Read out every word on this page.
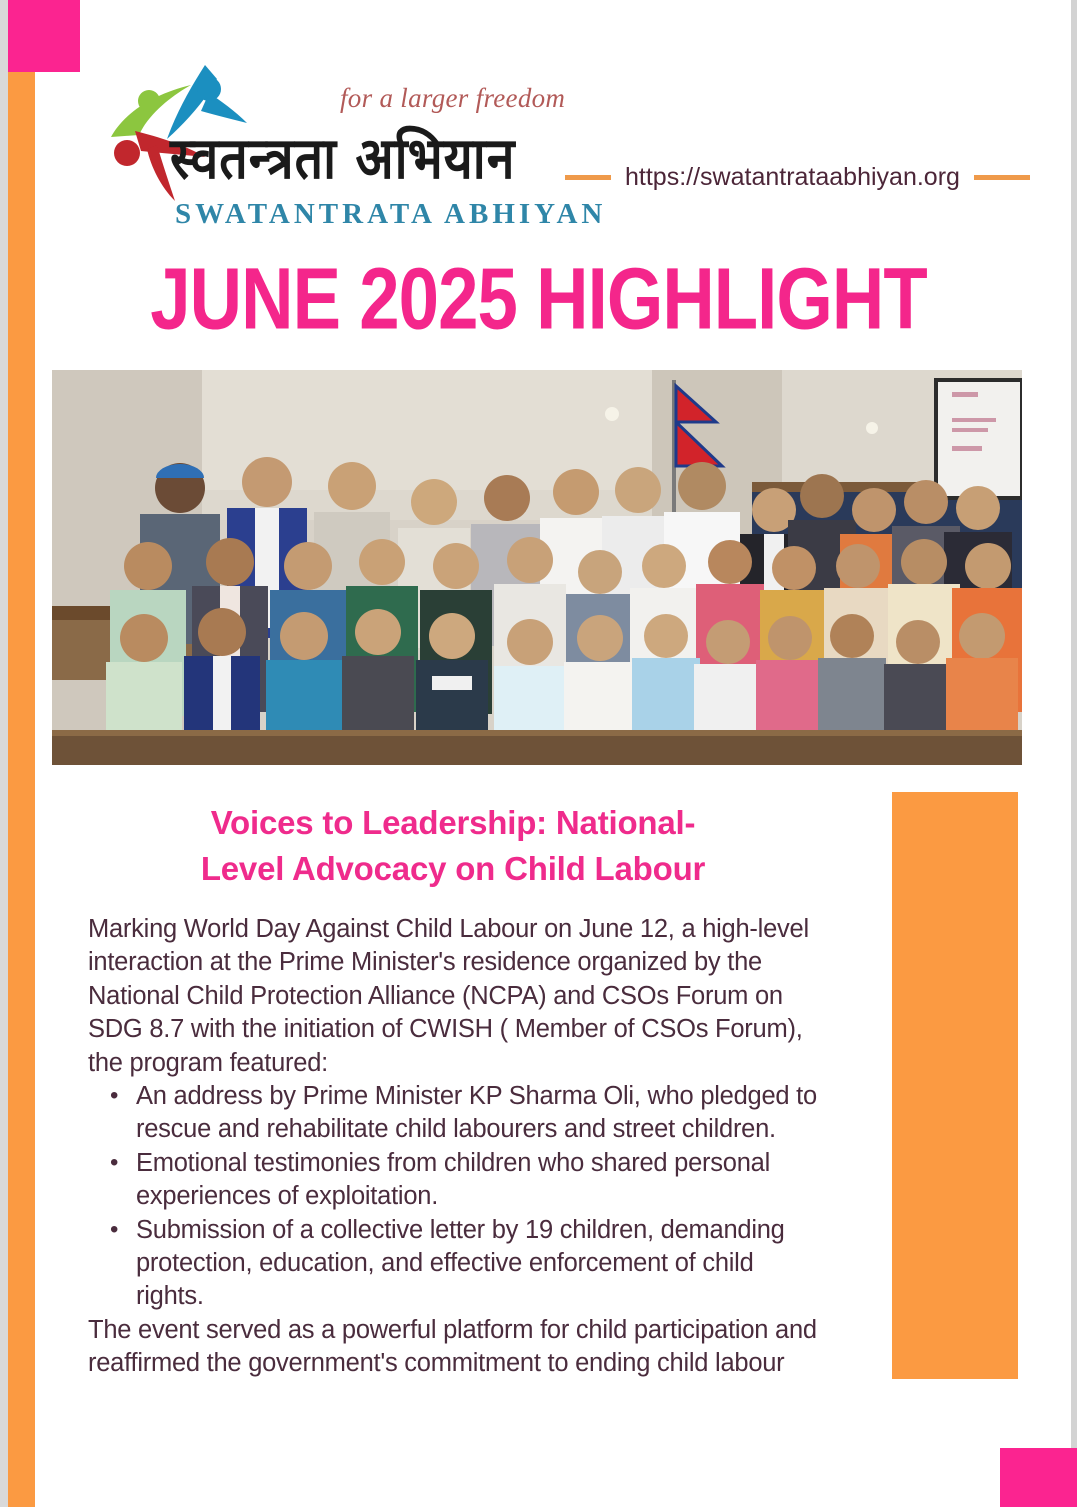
for a larger freedom
स्वतन्त्रता अभियान
SWATANTRATA ABHIYAN
https://swatantrataabhiyan.org
JUNE 2025 HIGHLIGHT
Voices to Leadership: National-
Level Advocacy on Child Labour

Marking World Day Against Child Labour on June 12, a high-level interaction at the Prime Minister's residence organized by the National Child Protection Alliance (NCPA) and CSOs Forum on SDG 8.7 with the initiation of CWISH ( Member of CSOs Forum), the program featured:

• An address by Prime Minister KP Sharma Oli, who pledged to rescue and rehabilitate child labourers and street children.
• Emotional testimonies from children who shared personal experiences of exploitation.
• Submission of a collective letter by 19 children, demanding protection, education, and effective enforcement of child rights.

The event served as a powerful platform for child participation and reaffirmed the government's commitment to ending child labour
